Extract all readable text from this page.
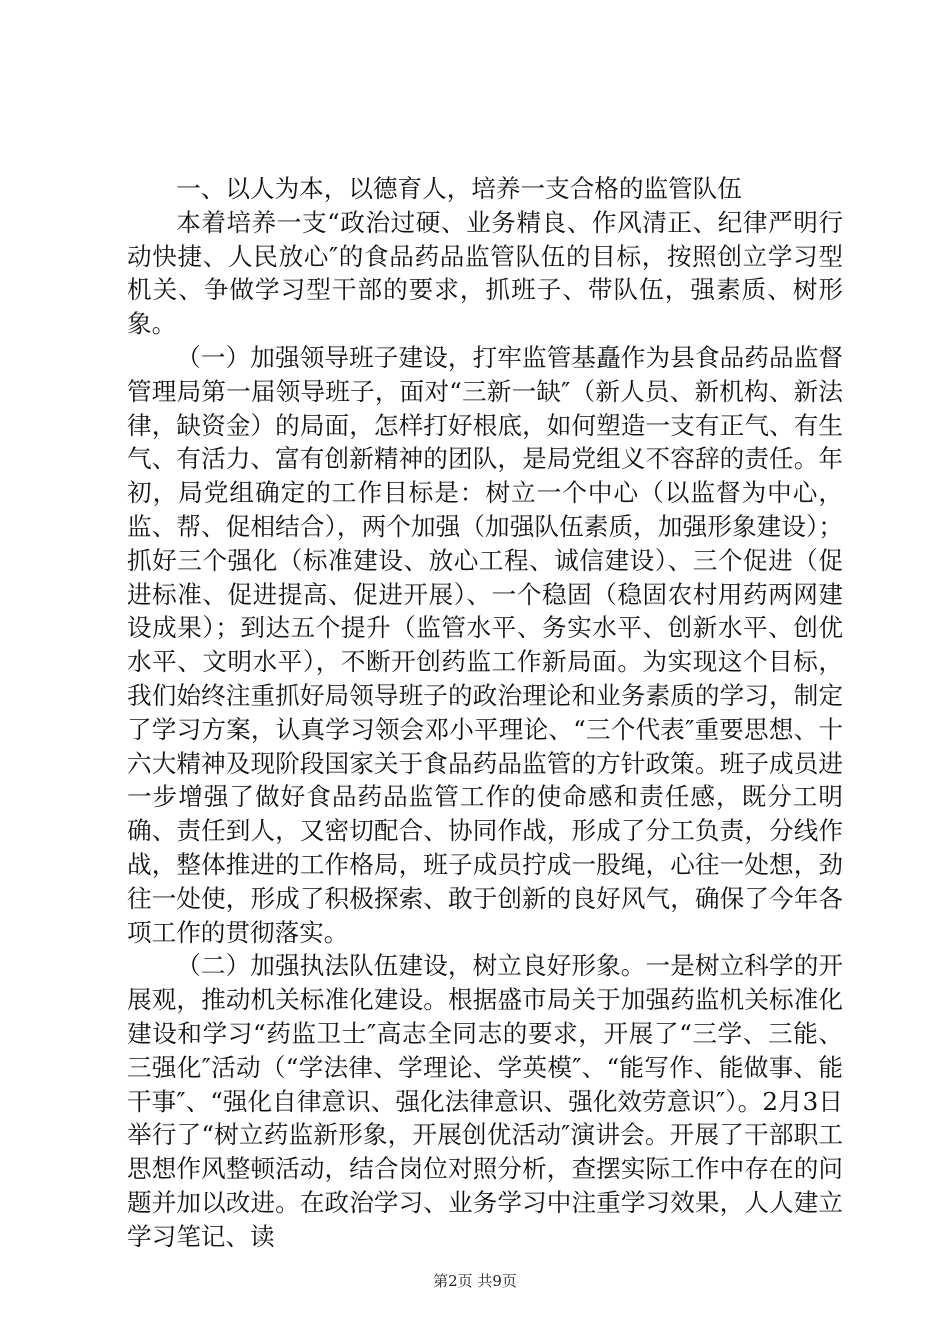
一、以人为本，以德育人，培养一支合格的监管队伍

本着培养一支“政治过硬、业务精良、作风清正、纪律严明行动快捷、人民放心″的食品药品监管队伍的目标，按照创立学习型机关、争做学习型干部的要求，抓班子、带队伍，强素质、树形象。

（一）加强领导班子建设，打牢监管基矗作为县食品药品监督管理局第一届领导班子，面对“三新一缺″（新人员、新机构、新法律，缺资金）的局面，怎样打好根底，如何塑造一支有正气、有生气、有活力、富有创新精神的团队，是局党组义不容辞的责任。年初，局党组确定的工作目标是：树立一个中心（以监督为中心，监、帮、促相结合），两个加强（加强队伍素质，加强形象建设）；抓好三个强化（标准建设、放心工程、诚信建设）、三个促进（促进标准、促进提高、促进开展）、一个稳固（稳固农村用药两网建设成果）；到达五个提升（监管水平、务实水平、创新水平、创优水平、文明水平），不断开创药监工作新局面。为实现这个目标，我们始终注重抓好局领导班子的政治理论和业务素质的学习，制定了学习方案，认真学习领会邓小平理论、“三个代表″重要思想、十六大精神及现阶段国家关于食品药品监管的方针政策。班子成员进一步增强了做好食品药品监管工作的使命感和责任感，既分工明确、责任到人，又密切配合、协同作战，形成了分工负责，分线作战，整体推进的工作格局，班子成员拧成一股绳，心往一处想，劲往一处使，形成了积极探索、敢于创新的良好风气，确保了今年各项工作的贯彻落实。

（二）加强执法队伍建设，树立良好形象。一是树立科学的开展观，推动机关标准化建设。根据盛市局关于加强药监机关标准化建设和学习“药监卫士″高志全同志的要求，开展了“三学、三能、三强化″活动（“学法律、学理论、学英模″、“能写作、能做事、能干事″、“强化自律意识、强化法律意识、强化效劳意识″）。2月3日举行了“树立药监新形象，开展创优活动″演讲会。开展了干部职工思想作风整顿活动，结合岗位对照分析，查摆实际工作中存在的问题并加以改进。在政治学习、业务学习中注重学习效果，人人建立学习笔记、读

第2页 共9页
